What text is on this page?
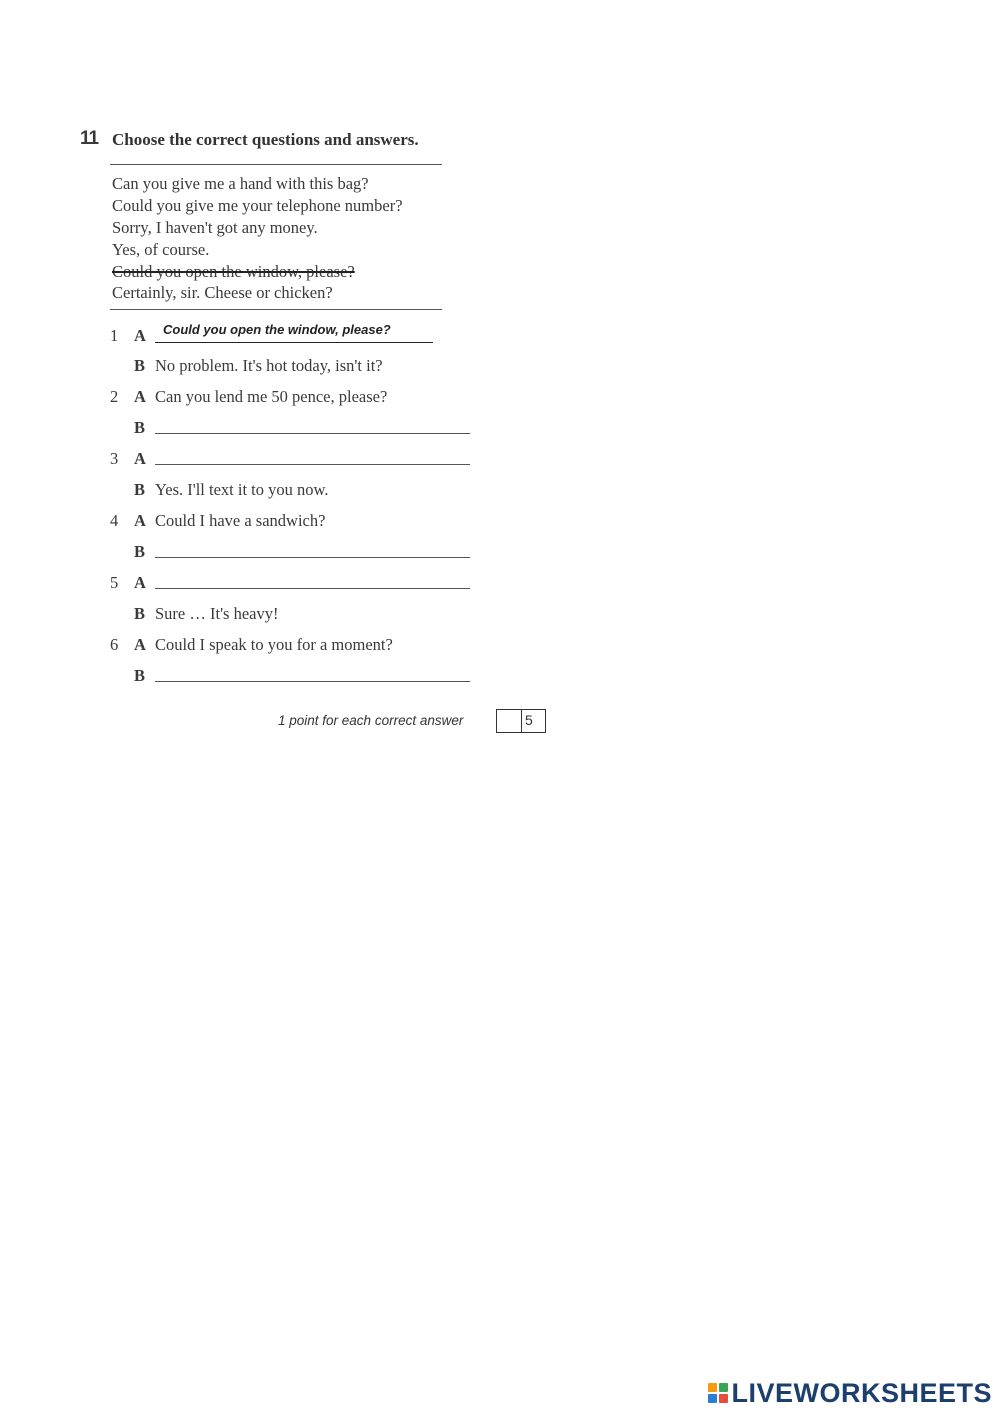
11 Choose the correct questions and answers.
Can you give me a hand with this bag?
Could you give me your telephone number?
Sorry, I haven't got any money.
Yes, of course.
Could you open the window, please?
Certainly, sir. Cheese or chicken?
1 A Could you open the window, please?
B No problem. It's hot today, isn't it?
2 A Can you lend me 50 pence, please?
B
3 A
B Yes. I'll text it to you now.
4 A Could I have a sandwich?
B
5 A
B Sure … It's heavy!
6 A Could I speak to you for a moment?
B
1 point for each correct answer	5
LIVEWORKSHEETS
